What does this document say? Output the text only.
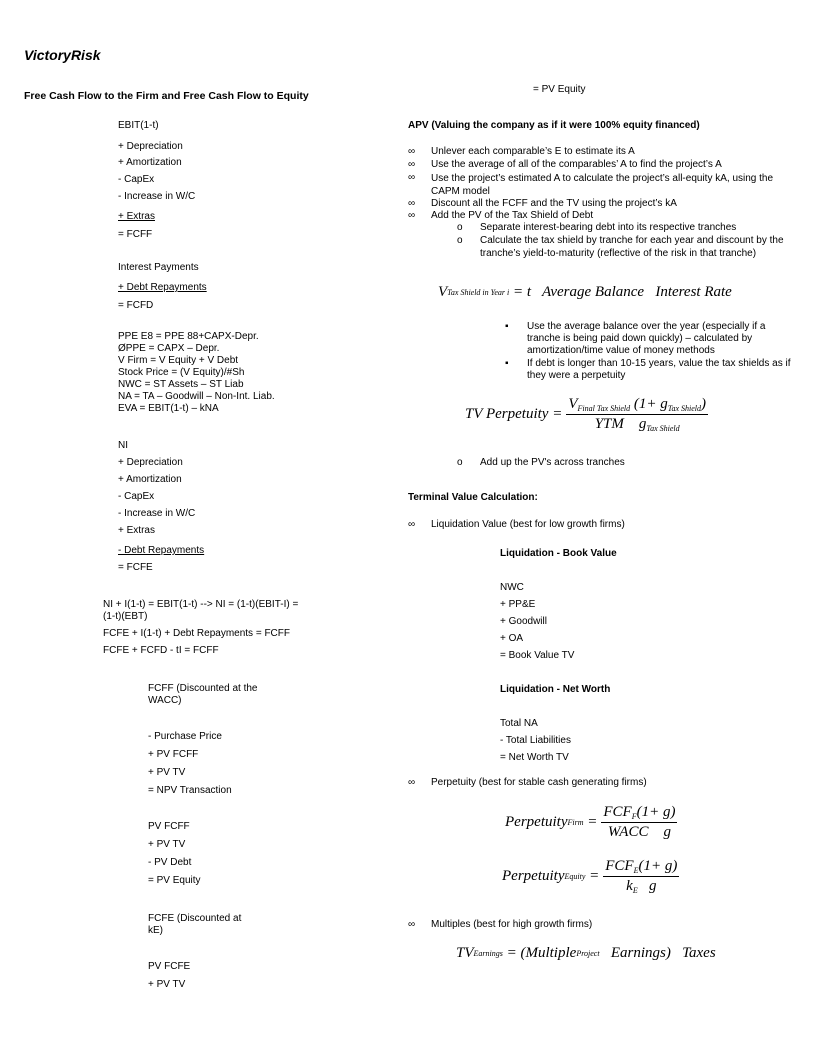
VictoryRisk
Free Cash Flow to the Firm and Free Cash Flow to Equity
EBIT(1-t)
+ Depreciation
+ Amortization
- CapEx
- Increase in W/C
+ Extras
= FCFF
Interest Payments
+ Debt Repayments
= FCFD
PPE E8 = PPE 88+CAPX-Depr.
ØPPE = CAPX – Depr.
V Firm = V Equity + V Debt
Stock Price = (V Equity)/#Sh
NWC = ST Assets – ST Liab
NA = TA – Goodwill – Non-Int. Liab.
EVA = EBIT(1-t) – kNA
NI
+ Depreciation
+ Amortization
- CapEx
- Increase in W/C
+ Extras
- Debt Repayments
= FCFE
NI + I(1-t) = EBIT(1-t) --> NI = (1-t)(EBIT-I) = (1-t)(EBT)
FCFE + I(1-t) + Debt Repayments = FCFF
FCFE + FCFD - tI = FCFF
FCFF (Discounted at the WACC)
- Purchase Price
+ PV FCFF
+ PV TV
= NPV Transaction
PV FCFF
+ PV TV
- PV Debt
= PV Equity
FCFE (Discounted at kE)
PV FCFE
+ PV TV
= PV Equity
APV (Valuing the company as if it were 100% equity financed)
∞ Unlever each comparable’s E to estimate its A
∞ Use the average of all of the comparables’ A to find the project’s A
∞ Use the project’s estimated A to calculate the project’s all-equity kA, using the CAPM model
∞ Discount all the FCFF and the TV using the project’s kA
∞ Add the PV of the Tax Shield of Debt
o Separate interest-bearing debt into its respective tranches
o Calculate the tax shield by tranche for each year and discount by the tranche’s yield-to-maturity (reflective of the risk in that tranche)
V Tax Shield in Year i
= t   Average Balance   Interest Rate
▪ Use the average balance over the year (especially if a tranche is being paid down quickly) – calculated by amortization/time value of money methods
▪ If debt is longer than 10-15 years, value the tax shields as if they were a perpetuity
TV Perpetuity = $\frac{V_{Final Tax Shield} (1+ g_{Tax Shield})}{YTM g_{Tax Shield}}$
o Add up the PV's across tranches
Terminal Value Calculation:
∞ Liquidation Value (best for low growth firms)
Liquidation - Book Value
NWC
+ PP&E
+ Goodwill
+ OA
= Book Value TV
Liquidation - Net Worth
Total NA
- Total Liabilities
= Net Worth TV
∞ Perpetuity (best for stable cash generating firms)
Perpetuity Firm = $\frac{FCF_F(1+ g)}{\text{WACC    g}}$
Perpetuity Equity = $\frac{FCF_E(1+ g)}{k_E g}$
∞ Multiples (best for high growth firms)
TV Earnings
= (Multiple Project Earnings)   Taxes
